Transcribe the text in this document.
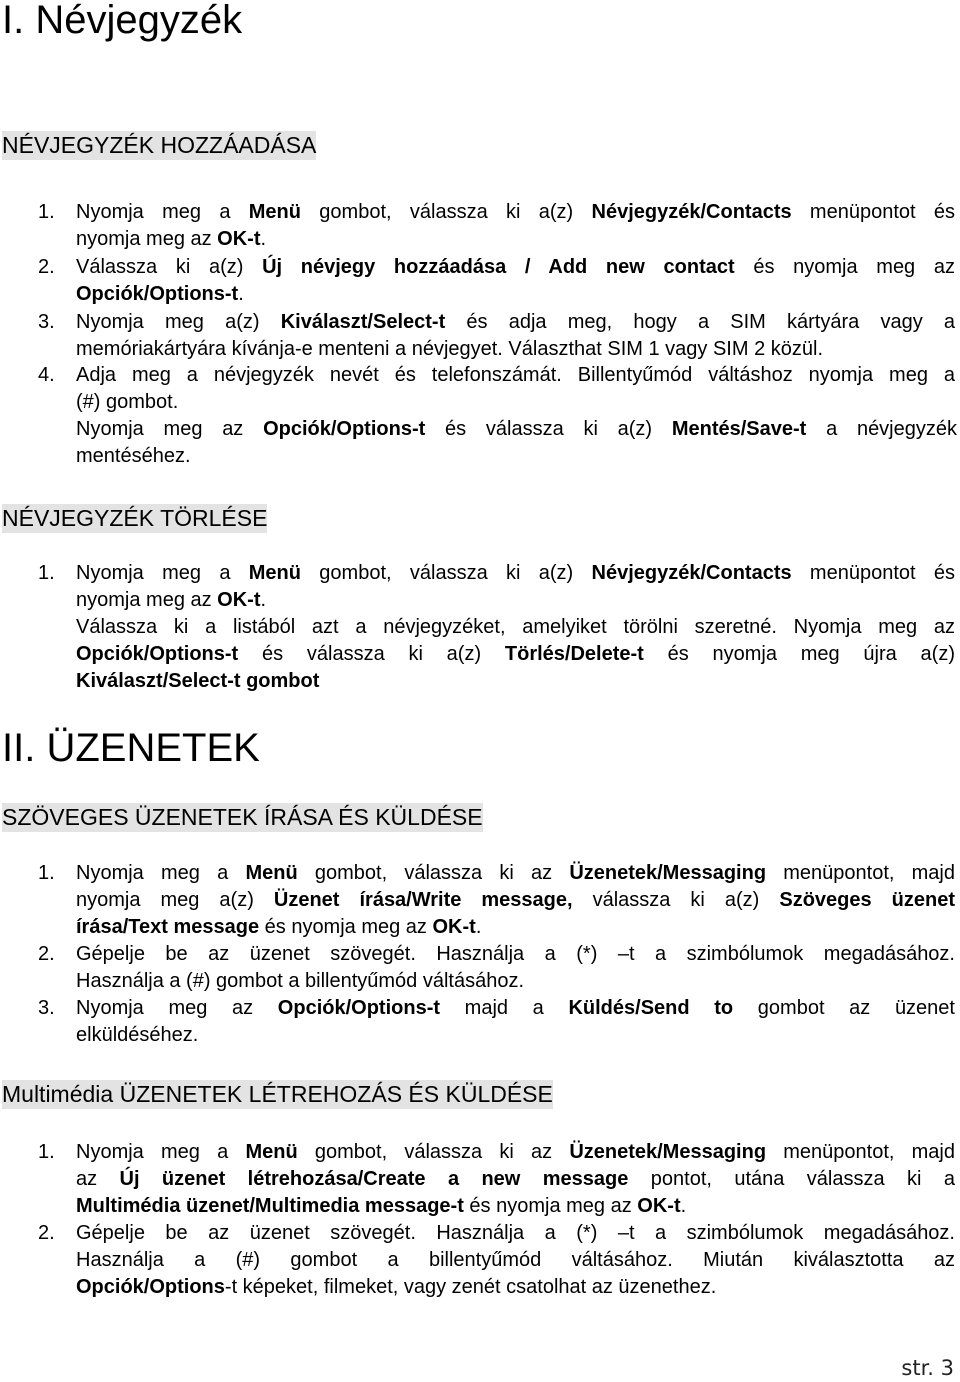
I. Névjegyzék
NÉVJEGYZÉK HOZZÁADÁSA
1. Nyomja meg a Menü gombot, válassza ki a(z) Névjegyzék/Contacts menüpontot és
nyomja meg az OK-t.
2. Válassza ki a(z) Új névjegy hozzáadása / Add new contact és nyomja meg az
Opciók/Options-t.
3. Nyomja meg a(z) Kiválaszt/Select-t és adja meg, hogy a SIM kártyára vagy a
memóriakártyára kívánja-e menteni a névjegyet. Választhat SIM 1 vagy SIM 2 közül.
4. Adja meg a névjegyzék nevét és telefonszámát. Billentyűmód váltáshoz nyomja meg a
(#) gombot.
Nyomja meg az Opciók/Options-t és válassza ki a(z) Mentés/Save-t a névjegyzék
mentéséhez.
NÉVJEGYZÉK TÖRLÉSE
1. Nyomja meg a Menü gombot, válassza ki a(z) Névjegyzék/Contacts menüpontot és
nyomja meg az OK-t.
Válassza ki a listából azt a névjegyzéket, amelyiket törölni szeretné. Nyomja meg az
Opciók/Options-t és válassza ki a(z) Törlés/Delete-t és nyomja meg újra a(z)
Kiválaszt/Select-t gombot
II. ÜZENETEK
SZÖVEGES ÜZENETEK ÍRÁSA ÉS KÜLDÉSE
1. Nyomja meg a Menü gombot, válassza ki az Üzenetek/Messaging menüpontot, majd
nyomja meg a(z) Üzenet írása/Write message, válassza ki a(z) Szöveges üzenet
írása/Text message és nyomja meg az OK-t.
2. Gépelje be az üzenet szövegét. Használja a (*) –t a szimbólumok megadásához.
Használja a (#) gombot a billentyűmód váltásához.
3. Nyomja meg az Opciók/Options-t majd a Küldés/Send to gombot az üzenet
elküldéséhez.
Multimédia ÜZENETEK LÉTREHOZÁS ÉS KÜLDÉSE
1. Nyomja meg a Menü gombot, válassza ki az Üzenetek/Messaging menüpontot, majd
az Új üzenet létrehozása/Create a new message pontot, utána válassza ki a
Multimédia üzenet/Multimedia message-t és nyomja meg az OK-t.
2. Gépelje be az üzenet szövegét. Használja a (*) –t a szimbólumok megadásához.
Használja a (#) gombot a billentyűmód váltásához. Miután kiválasztotta az
Opciók/Options-t képeket, filmeket, vagy zenét csatolhat az üzenethez.
str. 3
